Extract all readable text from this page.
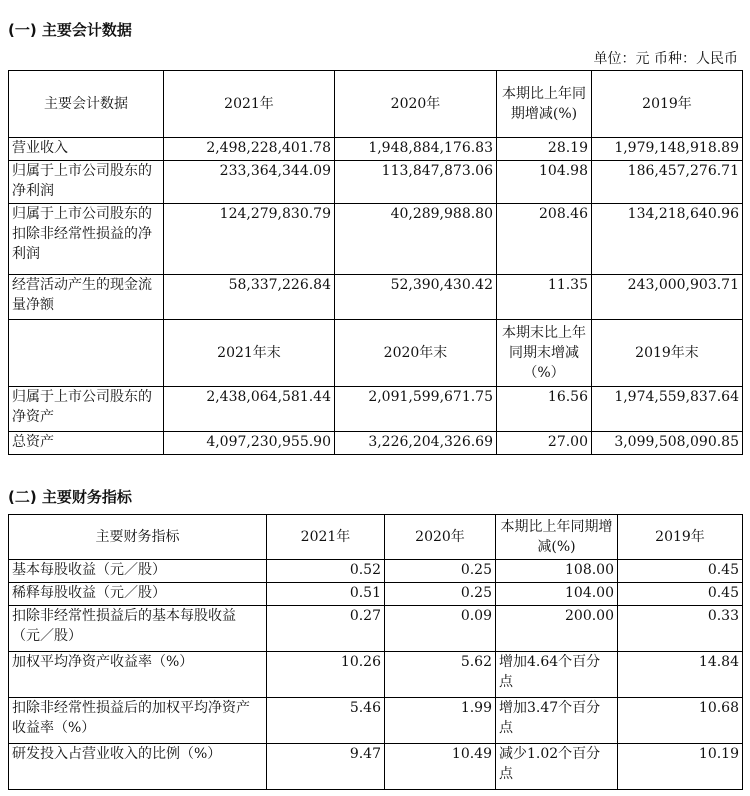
(一) 主要会计数据
单位：元 币种：人民币
主要会计数据	2021年	2020年	本期比上年同期增减(%)	2019年
营业收入	2,498,228,401.78	1,948,884,176.83	28.19	1,979,148,918.89
归属于上市公司股东的净利润	233,364,344.09	113,847,873.06	104.98	186,457,276.71
归属于上市公司股东的扣除非经常性损益的净利润	124,279,830.79	40,289,988.80	208.46	134,218,640.96
经营活动产生的现金流量净额	58,337,226.84	52,390,430.42	11.35	243,000,903.71
	2021年末	2020年末	本期末比上年同期末增减（%）	2019年末
归属于上市公司股东的净资产	2,438,064,581.44	2,091,599,671.75	16.56	1,974,559,837.64
总资产	4,097,230,955.90	3,226,204,326.69	27.00	3,099,508,090.85
(二) 主要财务指标
主要财务指标	2021年	2020年	本期比上年同期增减(%)	2019年
基本每股收益（元／股）	0.52	0.25	108.00	0.45
稀释每股收益（元／股）	0.51	0.25	104.00	0.45
扣除非经常性损益后的基本每股收益（元／股）	0.27	0.09	200.00	0.33
加权平均净资产收益率（%）	10.26	5.62	增加4.64个百分点	14.84
扣除非经常性损益后的加权平均净资产收益率（%）	5.46	1.99	增加3.47个百分点	10.68
研发投入占营业收入的比例（%）	9.47	10.49	减少1.02个百分点	10.19
